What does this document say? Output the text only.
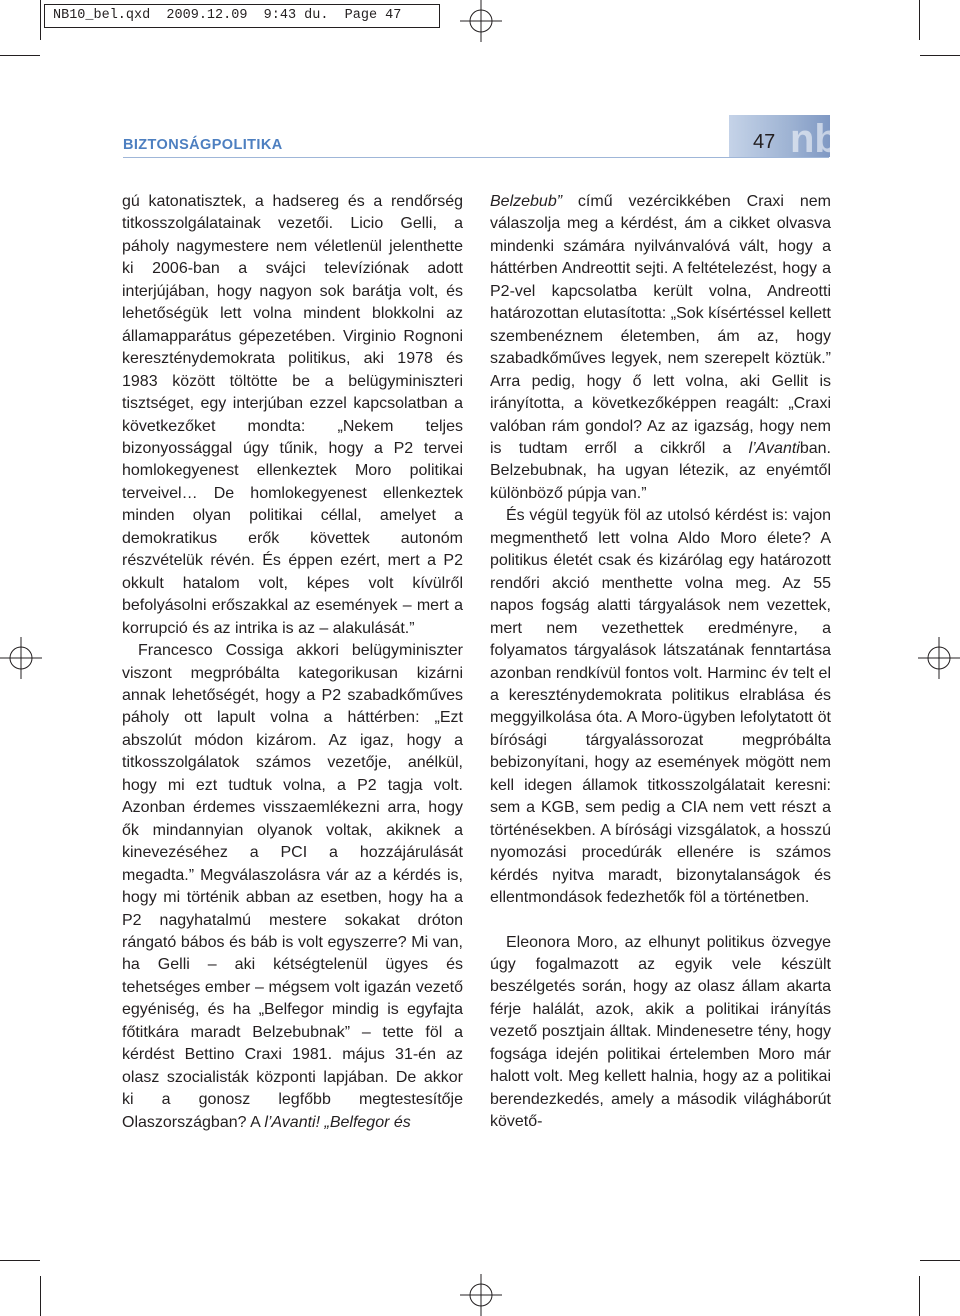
NB10_bel.qxd  2009.12.09  9:43 du.  Page 47
BIZTONSÁGPOLITIKA	47 nb

gú katonatisztek, a hadsereg és a rendőrség titkosszolgálatainak vezetői. Licio Gelli, a páholy nagymestere nem véletlenül jelenthette ki 2006-ban a svájci televíziónak adott interjújában, hogy nagyon sok barátja volt, és lehetőségük lett volna mindent blokkolni az államapparátus gépezetében. Virginio Rognoni kereszténydemokrata politikus, aki 1978 és 1983 között töltötte be a belügyminiszteri tisztséget, egy interjúban ezzel kapcsolatban a következőket mondta: „Nekem teljes bizonyossággal úgy tűnik, hogy a P2 tervei homlokegyenest ellenkeztek Moro politikai terveivel… De homlokegyenest ellenkeztek minden olyan politikai céllal, amelyet a demokratikus erők követtek autonóm részvételük révén. És éppen ezért, mert a P2 okkult hatalom volt, képes volt kívülről befolyásolni erőszakkal az események – mert a korrupció és az intrika is az – alakulását.”

Francesco Cossiga akkori belügyminiszter viszont megpróbálta kategorikusan kizárni annak lehetőségét, hogy a P2 szabadkőműves páholy ott lapult volna a háttérben: „Ezt abszolút módon kizárom. Az igaz, hogy a titkosszolgálatok számos vezetője, anélkül, hogy mi ezt tudtuk volna, a P2 tagja volt. Azonban érdemes visszaemlékezni arra, hogy ők mindannyian olyanok voltak, akiknek a kinevezéséhez a PCI a hozzájárulását megadta.” Megválaszolásra vár az a kérdés is, hogy mi történik abban az esetben, hogy ha a P2 nagyhatalmú mestere sokakat dróton rángató bábos és báb is volt egyszerre? Mi van, ha Gelli – aki kétségtelenül ügyes és tehetséges ember – mégsem volt igazán vezető egyéniség, és ha „Belfegor mindig is egyfajta főtitkára maradt Belzebubnak” – tette föl a kérdést Bettino Craxi 1981. május 31-én az olasz szocialisták központi lapjában. De akkor ki a gonosz legfőbb megtestesítője Olaszországban? A l’Avanti! „Belfegor és

Belzebub” című vezércikkében Craxi nem válaszolja meg a kérdést, ám a cikket olvasva mindenki számára nyilvánvalóvá vált, hogy a háttérben Andreottit sejti. A feltételezést, hogy a P2-vel kapcsolatba került volna, Andreotti határozottan elutasította: „Sok kísértéssel kellett szembenéznem életemben, ám az, hogy szabadkőműves legyek, nem szerepelt köztük.” Arra pedig, hogy ő lett volna, aki Gellit is irányította, a következőképpen reagált: „Craxi valóban rám gondol? Az az igazság, hogy nem is tudtam erről a cikkről a l’Avantiban. Belzebubnak, ha ugyan létezik, az enyémtől különböző púpja van.”

És végül tegyük föl az utolsó kérdést is: vajon megmenthető lett volna Aldo Moro élete? A politikus életét csak és kizárólag egy határozott rendőri akció menthette volna meg. Az 55 napos fogság alatti tárgyalások nem vezettek, mert nem vezethettek eredményre, a folyamatos tárgyalások látszatának fenntartása azonban rendkívül fontos volt. Harminc év telt el a kereszténydemokrata politikus elrablása és meggyilkolása óta. A Moro-ügyben lefolytatott öt bírósági tárgyalássorozat megpróbálta bebizonyítani, hogy az események mögött nem kell idegen államok titkosszolgálatait keresni: sem a KGB, sem pedig a CIA nem vett részt a történésekben. A bírósági vizsgálatok, a hosszú nyomozási procedúrák ellenére is számos kérdés nyitva maradt, bizonytalanságok és ellentmondások fedezhetők föl a történetben.

Eleonora Moro, az elhunyt politikus özvegye úgy fogalmazott az egyik vele készült beszélgetés során, hogy az olasz állam akarta férje halálát, azok, akik a politikai irányítás vezető posztjain álltak. Mindenesetre tény, hogy fogsága idején politikai értelemben Moro már halott volt. Meg kellett halnia, hogy az a politikai berendezkedés, amely a második világháborút követő-
